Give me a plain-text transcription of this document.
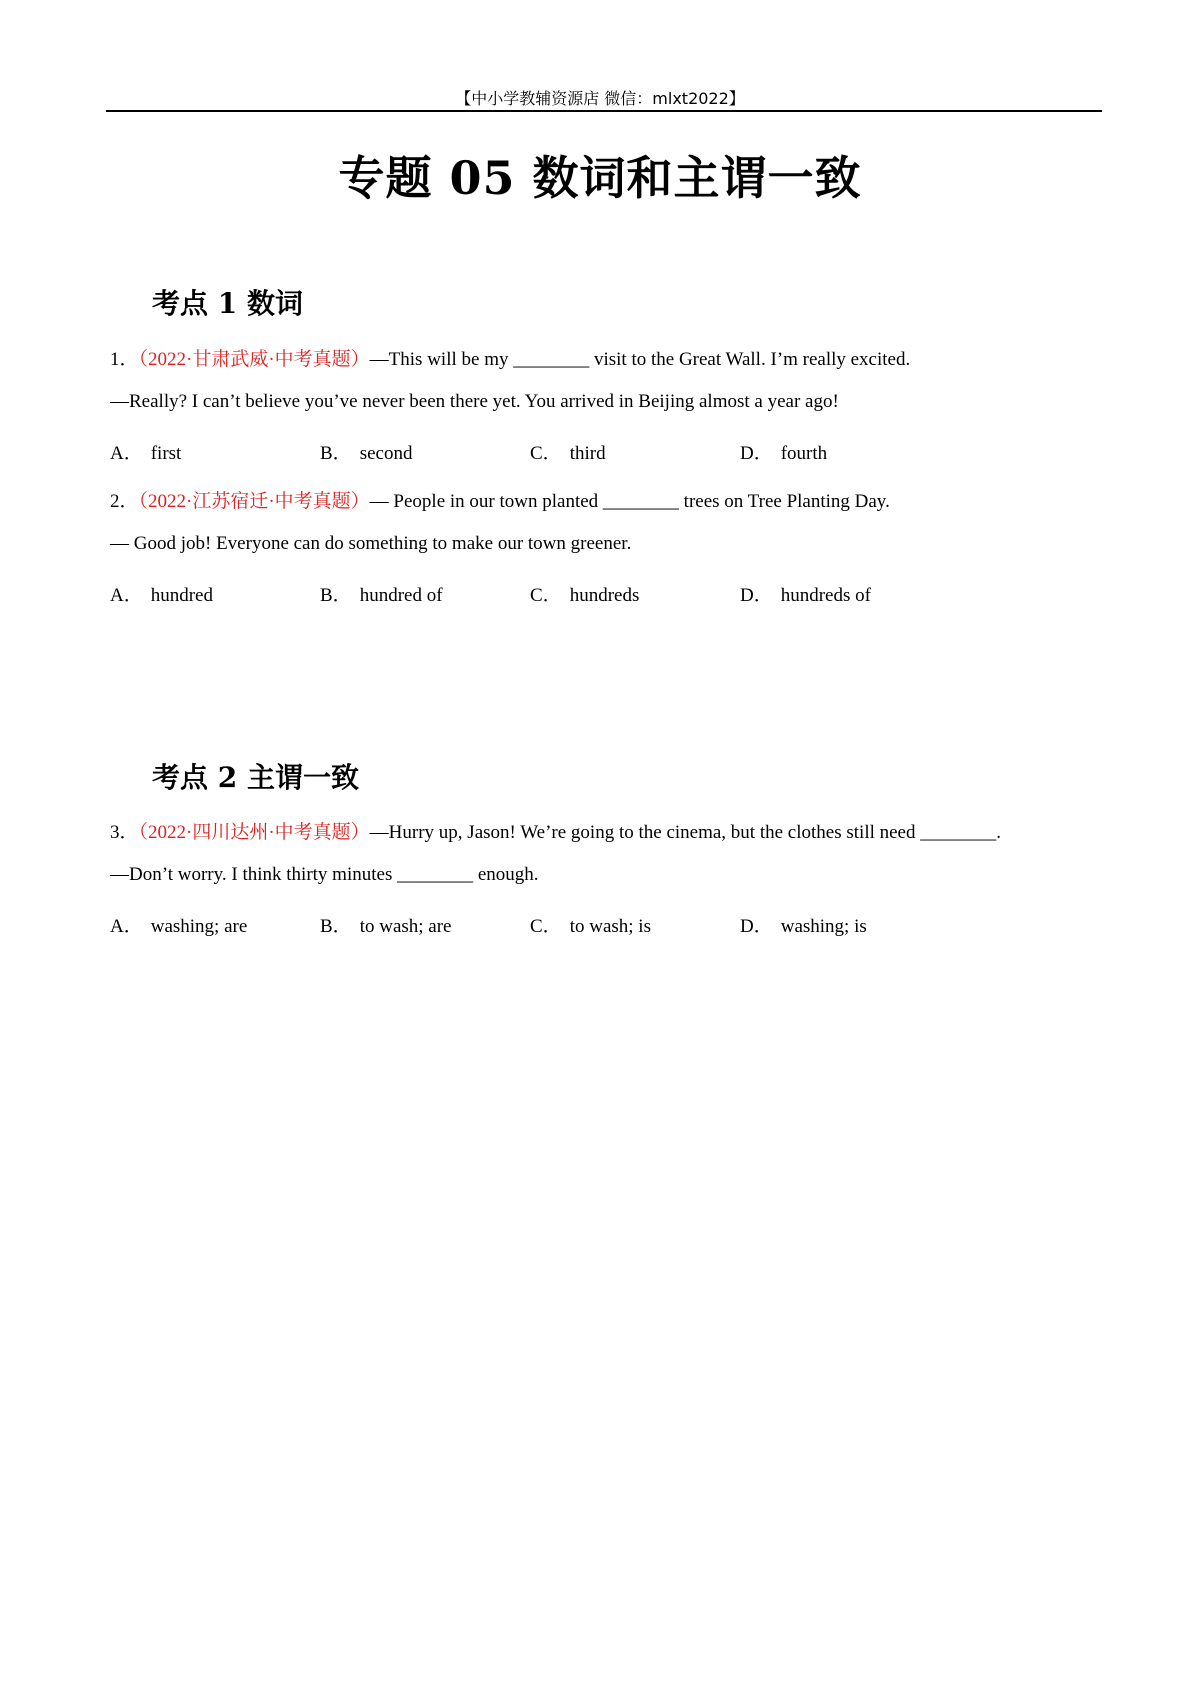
【中小学教辅资源店 微信：mlxt2022】
专题 05 数词和主谓一致
考点 1 数词
1．（2022·甘肃武威·中考真题）—This will be my ________ visit to the Great Wall. I’m really excited.
—Really? I can’t believe you’ve never been there yet. You arrived in Beijing almost a year ago!
A． first	B． second	C． third	D． fourth
2．（2022·江苏宿迁·中考真题）— People in our town planted ________ trees on Tree Planting Day.
— Good job! Everyone can do something to make our town greener.
A． hundred	B． hundred of	C． hundreds	D． hundreds of
考点 2 主谓一致
3．（2022·四川达州·中考真题）—Hurry up, Jason! We’re going to the cinema, but the clothes still need ________.
—Don’t worry. I think thirty minutes ________ enough.
A． washing; are	B． to wash; are	C． to wash; is	D． washing; is
